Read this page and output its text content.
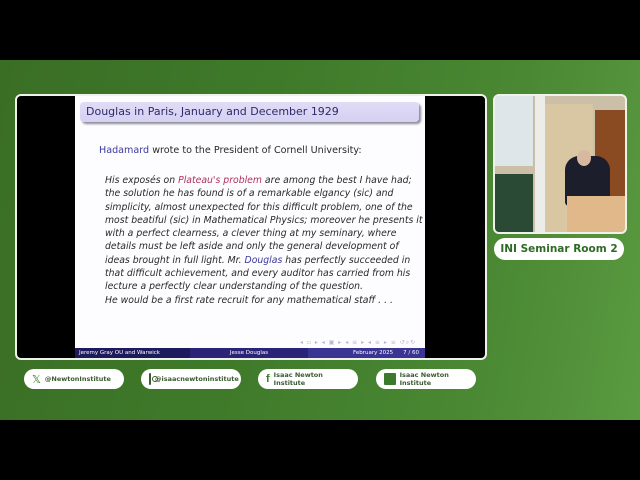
Douglas in Paris, January and December 1929
Hadamard wrote to the President of Cornell University:
His exposés on Plateau's problem are among the best I have had; the solution he has found is of a remarkable elgancy (sic) and simplicity, almost unexpected for this difficult problem, one of the most beatiful (sic) in Mathematical Physics; moreover he presents it with a perfect clearness, a clever thing at my seminary, where details must be left aside and only the general development of ideas brought in full light. Mr. Douglas has perfectly succeeded in that difficult achievement, and every auditor has carried from his lecture a perfectly clear understanding of the question.
He would be a first rate recruit for any mathematical staff . . .
◂ ▫ ▸ ◂ ▣ ▸ ◂ ≡ ▸ ◂ ≡ ▸ ≡ ↺⌕↻
Jeremy Gray OU and Warwick	Jesse Douglas	February 2025 7 / 60
INI Seminar Room 2
𝕏 @NewtonInstitute	@isaacnewtoninstitute f Isaac Newton Institute	in Isaac Newton Institute
